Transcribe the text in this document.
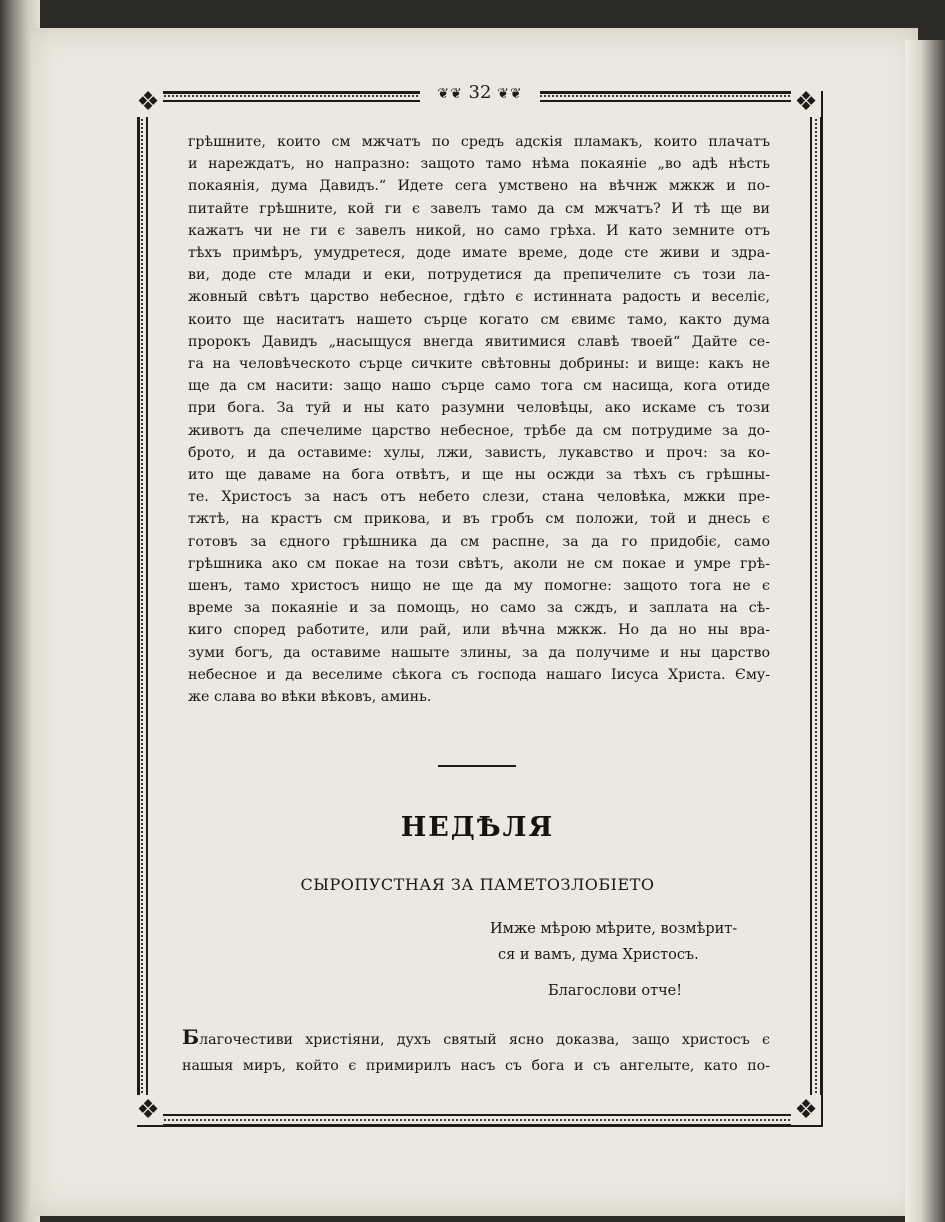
❖	❖
❖	❖
❦❦ 32 ❦❦
грѣшните, които см мжчатъ по средъ адскія пламакъ, които плачатъ
и нареждатъ, но напразно: защото тамо нѣма покаяніе „во адѣ нѣсть
покаянія, дума Давидъ.“ Идете сега умствено на вѣчнж мжкж и по-
питайте грѣшните, кой ги є завелъ тамо да см мжчатъ? И тѣ ще ви
кажатъ чи не ги є завелъ никой, но само грѣха. И като земните отъ
тѣхъ примѣръ, умудретеся, доде имате време, доде сте живи и здра-
ви, доде сте млади и еки, потрудетися да препичелите съ този ла-
жовный свѣтъ царство небесное, гдѣто є истинната радость и веселіє,
които ще наситатъ нашето сърце когато см євимє тамо, както дума
пророкъ Давидъ „насыщуся внегда явитимися славѣ твоей“ Дайте се-
га на человѣческото сърце сичките свѣтовны добрины: и вище: какъ не
ще да см насити: защо нашо сърце само тога см насища, кога отиде
при бога. За туй и ны като разумни человѣцы, ако искаме съ този
животъ да спечелиме царство небесное, трѣбе да см потрудиме за до-
брото, и да оставиме: хулы, лжи, зависть, лукавство и проч: за ко-
ито ще даваме на бога отвѣтъ, и ще ны осжди за тѣхъ съ грѣшны-
те. Христосъ за насъ отъ небето слези, стана человѣка, мжки пре-
тжтѣ, на крастъ см прикова, и въ гробъ см положи, той и днесь є
готовъ за єдного грѣшника да см распне, за да го придобіє, само
грѣшника ако см покае на този свѣтъ, аколи не см покае и умре грѣ-
шенъ, тамо христосъ нищо не ще да му помогне: защото тога не є
време за покаяніе и за помощь, но само за сждъ, и заплата на сѣ-
киго според работите, или рай, или вѣчна мжкж. Но да но ны вра-
зуми богъ, да оставиме нашыте злины, за да получиме и ны царство
небесное и да веселиме сѣкога съ господа нашаго Іисуса Христа. Єму-
же слава во вѣки вѣковъ, аминь.
НЕДѢЛЯ
СЫРОПУСТНАЯ ЗА ПАМЕТОЗЛОБІЕТО
Имже мѣрою мѣрите, возмѣрит-
ся и вамъ, дума Христосъ.
Благослови отче!
Благочестиви христіяни, духъ святый ясно доказва, защо христосъ є
нашыя миръ, който є примирилъ насъ съ бога и съ ангелыте, като по-
